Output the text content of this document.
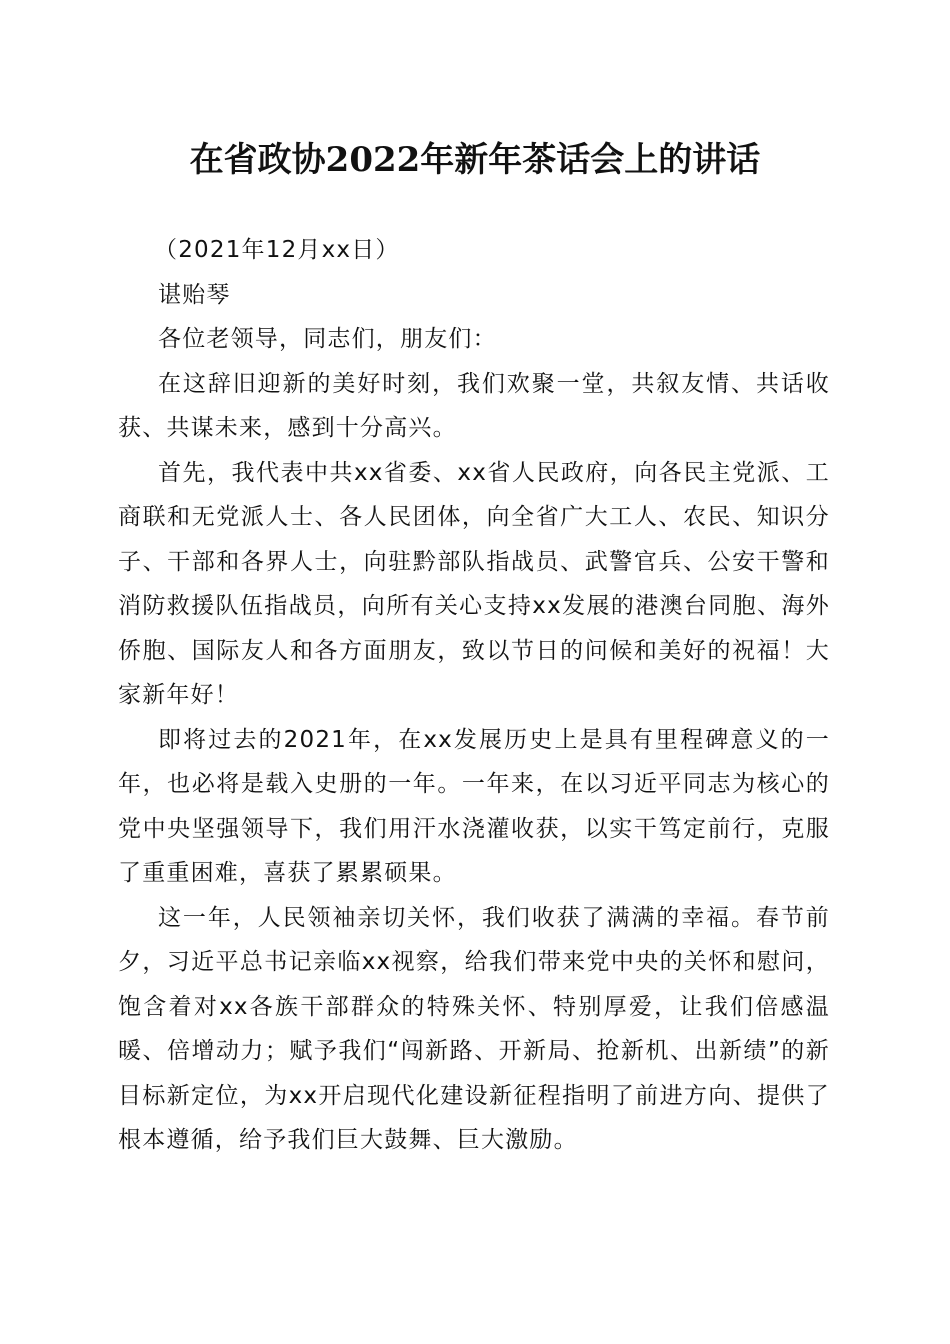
在省政协2022年新年茶话会上的讲话

（2021年12月xx日）

谌贻琴

各位老领导，同志们，朋友们：

在这辞旧迎新的美好时刻，我们欢聚一堂，共叙友情、共话收获、共谋未来，感到十分高兴。

首先，我代表中共xx省委、xx省人民政府，向各民主党派、工商联和无党派人士、各人民团体，向全省广大工人、农民、知识分子、干部和各界人士，向驻黔部队指战员、武警官兵、公安干警和消防救援队伍指战员，向所有关心支持xx发展的港澳台同胞、海外侨胞、国际友人和各方面朋友，致以节日的问候和美好的祝福！大家新年好！

即将过去的2021年，在xx发展历史上是具有里程碑意义的一年，也必将是载入史册的一年。一年来，在以习近平同志为核心的党中央坚强领导下，我们用汗水浇灌收获，以实干笃定前行，克服了重重困难，喜获了累累硕果。

这一年，人民领袖亲切关怀，我们收获了满满的幸福。春节前夕，习近平总书记亲临xx视察，给我们带来党中央的关怀和慰问，饱含着对xx各族干部群众的特殊关怀、特别厚爱，让我们倍感温暖、倍增动力；赋予我们“闯新路、开新局、抢新机、出新绩”的新目标新定位，为xx开启现代化建设新征程指明了前进方向、提供了根本遵循，给予我们巨大鼓舞、巨大激励。
